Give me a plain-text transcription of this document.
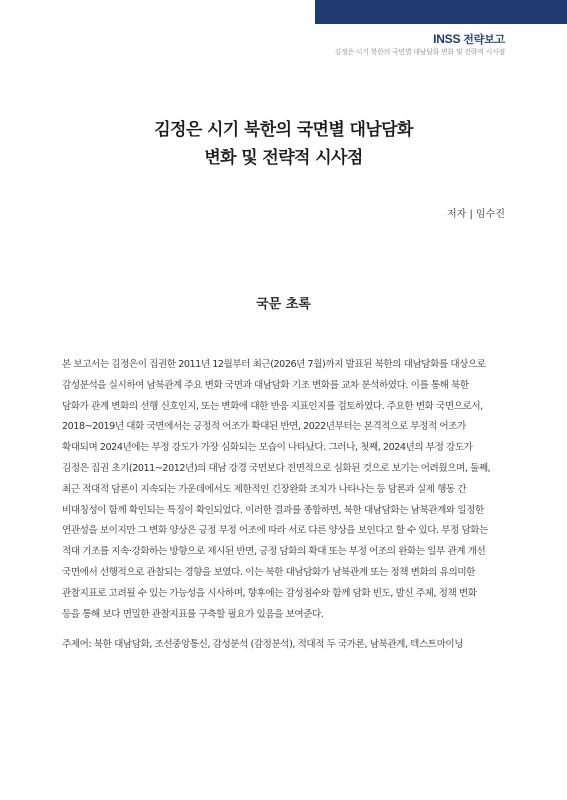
INSS 전략보고
김정은 시기 북한의 국면별 대남담화 변화 및 전략적 시사점
김정은 시기 북한의 국면별 대남담화
변화 및 전략적 시사점
저자 | 임수진
국문 초록
본 보고서는 김정은이 집권한 2011년 12월부터 최근(2026년 7월)까지 발표된 북한의 대남담화를 대상으로
감성분석을 실시하여 남북관계 주요 변화 국면과 대남담화 기조 변화를 교차 분석하였다. 이를 통해 북한
담화가 관계 변화의 선행 신호인지, 또는 변화에 대한 반응 지표인지를 검토하였다. 주요한 변화 국면으로서,
2018~2019년 대화 국면에서는 긍정적 어조가 확대된 반면, 2022년부터는 본격적으로 부정적 어조가
확대되며 2024년에는 부정 강도가 가장 심화되는 모습이 나타났다. 그러나, 첫째, 2024년의 부정 강도가
김정은 집권 초기(2011~2012년)의 대남 강경 국면보다 전면적으로 심화된 것으로 보기는 어려웠으며, 둘째,
최근 적대적 담론이 지속되는 가운데에서도 제한적인 긴장완화 조치가 나타나는 등 담론과 실제 행동 간
비대칭성이 함께 확인되는 특징이 확인되었다. 이러한 결과를 종합하면, 북한 대남담화는 남북관계와 일정한
연관성을 보이지만 그 변화 양상은 긍정 부정 어조에 따라 서로 다른 양상을 보인다고 할 수 있다. 부정 담화는
적대 기조를 지속·강화하는 방향으로 제시된 반면, 긍정 담화의 확대 또는 부정 어조의 완화는 일부 관계 개선
국면에서 선행적으로 관찰되는 경향을 보였다. 이는 북한 대남담화가 남북관계 또는 정책 변화의 유의미한
관찰지표로 고려될 수 있는 가능성을 시사하며, 향후에는 감성점수와 함께 담화 빈도, 발신 주체, 정책 변화
등을 통해 보다 면밀한 관찰지표를 구축할 필요가 있음을 보여준다.
주제어: 북한 대남담화, 조선중앙통신, 감성분석 (감정분석), 적대적 두 국가론, 남북관계, 텍스트마이닝
